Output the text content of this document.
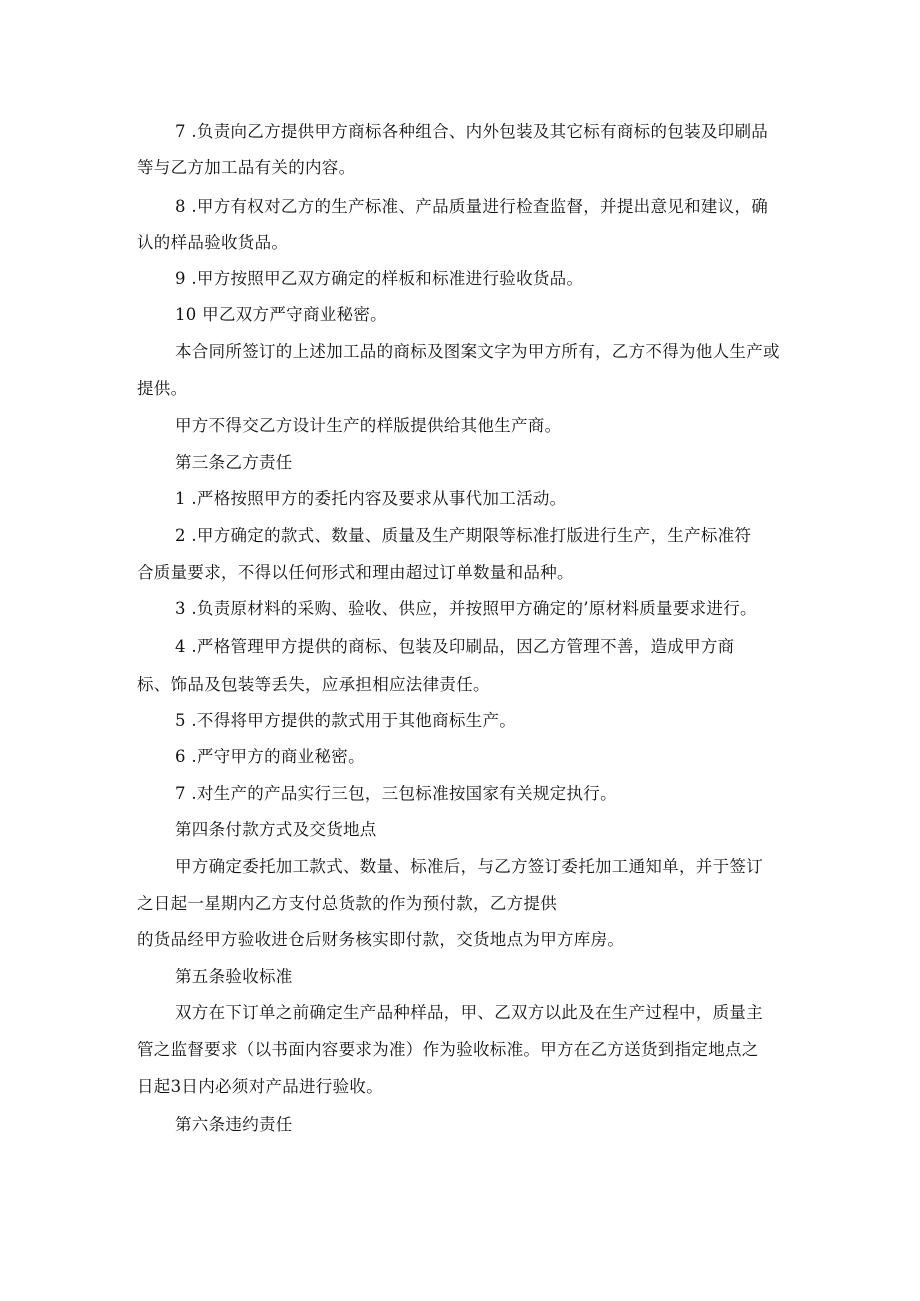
7 .负责向乙方提供甲方商标各种组合、内外包装及其它标有商标的包装及印刷品
等与乙方加工品有关的内容。
8 .甲方有权对乙方的生产标准、产品质量进行检查监督，并提出意见和建议，确
认的样品验收货品。
9 .甲方按照甲乙双方确定的样板和标准进行验收货品。
10 甲乙双方严守商业秘密。
本合同所签订的上述加工品的商标及图案文字为甲方所有，乙方不得为他人生产或
提供。
甲方不得交乙方设计生产的样版提供给其他生产商。
第三条乙方责任
1 .严格按照甲方的委托内容及要求从事代加工活动。
2 .甲方确定的款式、数量、质量及生产期限等标准打版进行生产，生产标准符
合质量要求，不得以任何形式和理由超过订单数量和品种。
3 .负责原材料的采购、验收、供应，并按照甲方确定的’原材料质量要求进行。
4 .严格管理甲方提供的商标、包装及印刷品，因乙方管理不善，造成甲方商
标、饰品及包装等丢失，应承担相应法律责任。
5 .不得将甲方提供的款式用于其他商标生产。
6 .严守甲方的商业秘密。
7 .对生产的产品实行三包，三包标准按国家有关规定执行。
第四条付款方式及交货地点
甲方确定委托加工款式、数量、标准后，与乙方签订委托加工通知单，并于签订
之日起一星期内乙方支付总货款的作为预付款，乙方提供
的货品经甲方验收进仓后财务核实即付款，交货地点为甲方库房。
第五条验收标准
双方在下订单之前确定生产品种样品，甲、乙双方以此及在生产过程中，质量主
管之监督要求（以书面内容要求为准）作为验收标准。甲方在乙方送货到指定地点之
日起3日内必须对产品进行验收。
第六条违约责任
